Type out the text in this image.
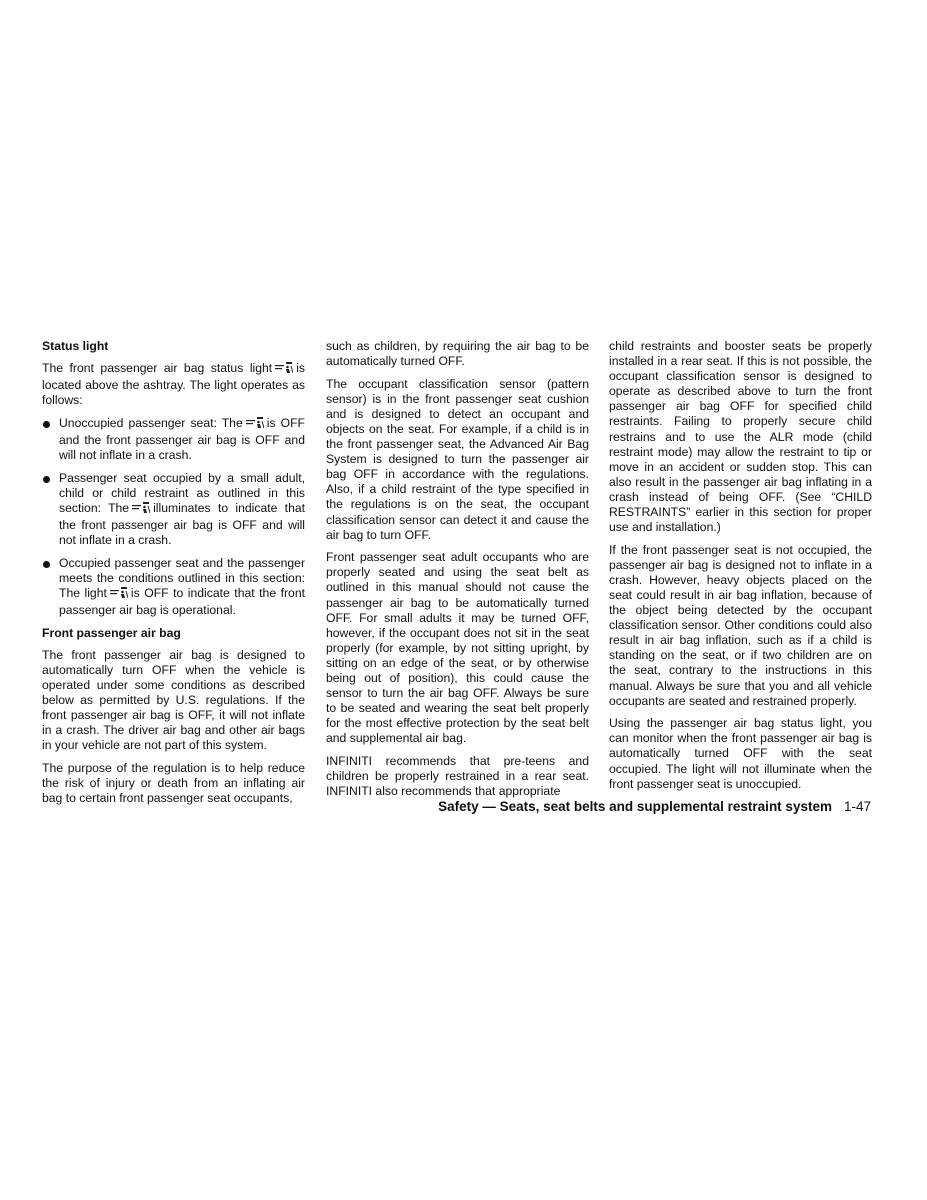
Status light

The front passenger air bag status light is located above the ashtray. The light operates as follows:

Unoccupied passenger seat: The is OFF and the front passenger air bag is OFF and will not inflate in a crash.
Passenger seat occupied by a small adult, child or child restraint as outlined in this section: The illuminates to indicate that the front passenger air bag is OFF and will not inflate in a crash.
Occupied passenger seat and the passenger meets the conditions outlined in this section: The light is OFF to indicate that the front passenger air bag is operational.
Front passenger air bag

The front passenger air bag is designed to automatically turn OFF when the vehicle is operated under some conditions as described below as permitted by U.S. regulations. If the front passenger air bag is OFF, it will not inflate in a crash. The driver air bag and other air bags in your vehicle are not part of this system.

The purpose of the regulation is to help reduce the risk of injury or death from an inflating air bag to certain front passenger seat occupants,

such as children, by requiring the air bag to be automatically turned OFF.

The occupant classification sensor (pattern sensor) is in the front passenger seat cushion and is designed to detect an occupant and objects on the seat. For example, if a child is in the front passenger seat, the Advanced Air Bag System is designed to turn the passenger air bag OFF in accordance with the regulations. Also, if a child restraint of the type specified in the regulations is on the seat, the occupant classification sensor can detect it and cause the air bag to turn OFF.

Front passenger seat adult occupants who are properly seated and using the seat belt as outlined in this manual should not cause the passenger air bag to be automatically turned OFF. For small adults it may be turned OFF, however, if the occupant does not sit in the seat properly (for example, by not sitting upright, by sitting on an edge of the seat, or by otherwise being out of position), this could cause the sensor to turn the air bag OFF. Always be sure to be seated and wearing the seat belt properly for the most effective protection by the seat belt and supplemental air bag.

INFINITI recommends that pre-teens and children be properly restrained in a rear seat. INFINITI also recommends that appropriate

child restraints and booster seats be properly installed in a rear seat. If this is not possible, the occupant classification sensor is designed to operate as described above to turn the front passenger air bag OFF for specified child restraints. Failing to properly secure child restrains and to use the ALR mode (child restraint mode) may allow the restraint to tip or move in an accident or sudden stop. This can also result in the passenger air bag inflating in a crash instead of being OFF. (See “CHILD RESTRAINTS” earlier in this section for proper use and installation.)

If the front passenger seat is not occupied, the passenger air bag is designed not to inflate in a crash. However, heavy objects placed on the seat could result in air bag inflation, because of the object being detected by the occupant classification sensor. Other conditions could also result in air bag inflation, such as if a child is standing on the seat, or if two children are on the seat, contrary to the instructions in this manual. Always be sure that you and all vehicle occupants are seated and restrained properly.

Using the passenger air bag status light, you can monitor when the front passenger air bag is automatically turned OFF with the seat occupied. The light will not illuminate when the front passenger seat is unoccupied.

Safety — Seats, seat belts and supplemental restraint system 1-47
